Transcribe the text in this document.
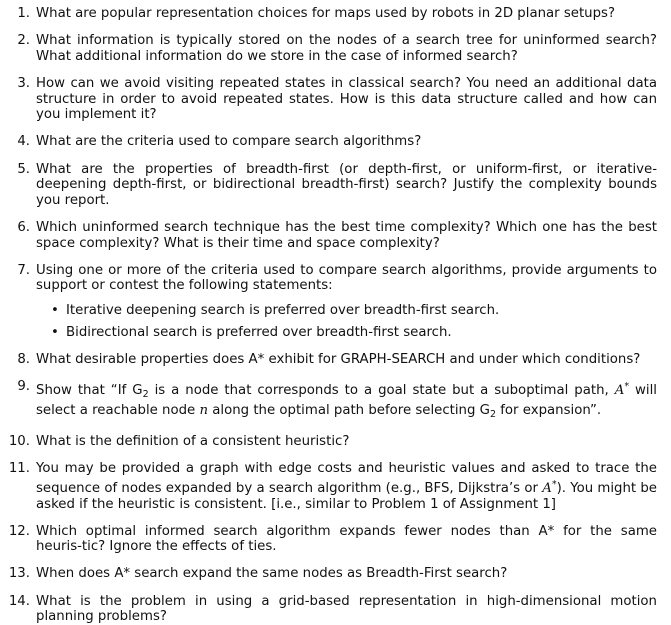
1. What are popular representation choices for maps used by robots in 2D planar setups?
2. What information is typically stored on the nodes of a search tree for uninformed search? What additional information do we store in the case of informed search?
3. How can we avoid visiting repeated states in classical search? You need an additional data structure in order to avoid repeated states. How is this data structure called and how can you implement it?
4. What are the criteria used to compare search algorithms?
5. What are the properties of breadth-first (or depth-first, or uniform-first, or iterative-deepening depth-first, or bidirectional breadth-first) search? Justify the complexity bounds you report.
6. Which uninformed search technique has the best time complexity? Which one has the best space complexity? What is their time and space complexity?
7. Using one or more of the criteria used to compare search algorithms, provide arguments to support or contest the following statements:
• Iterative deepening search is preferred over breadth-first search.
• Bidirectional search is preferred over breadth-first search.
8. What desirable properties does A* exhibit for GRAPH-SEARCH and under which conditions?
9. Show that “If $G_2$ is a node that corresponds to a goal state but a suboptimal path, A* will select a reachable node n along the optimal path before selecting $G_2$ for expansion”.
10. What is the definition of a consistent heuristic?
11. You may be provided a graph with edge costs and heuristic values and asked to trace the sequence of nodes expanded by a search algorithm (e.g., BFS, Dijkstra’s or A*). You might be asked if the heuristic is consistent. [i.e., similar to Problem 1 of Assignment 1]
12. Which optimal informed search algorithm expands fewer nodes than A* for the same heuris-tic? Ignore the effects of ties.
13. When does A* search expand the same nodes as Breadth-First search?
14. What is the problem in using a grid-based representation in high-dimensional motion planning problems?
